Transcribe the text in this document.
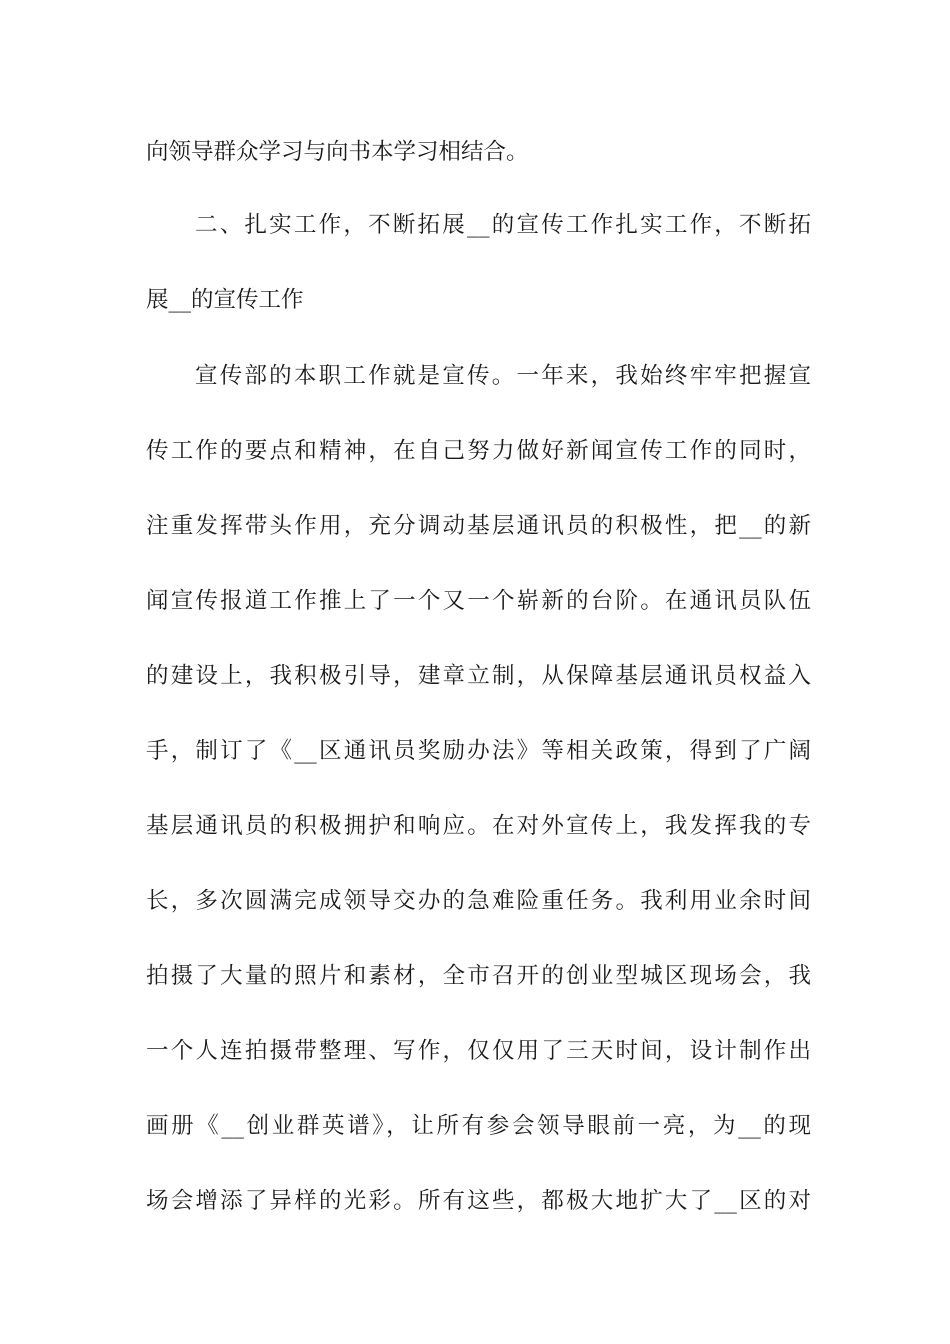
向领导群众学习与向书本学习相结合。
二、扎实工作，不断拓展__的宣传工作扎实工作，不断拓
展__的宣传工作
宣传部的本职工作就是宣传。一年来，我始终牢牢把握宣
传工作的要点和精神，在自己努力做好新闻宣传工作的同时，
注重发挥带头作用，充分调动基层通讯员的积极性，把__的新
闻宣传报道工作推上了一个又一个崭新的台阶。在通讯员队伍
的建设上，我积极引导，建章立制，从保障基层通讯员权益入
手，制订了《__区通讯员奖励办法》等相关政策，得到了广阔
基层通讯员的积极拥护和响应。在对外宣传上，我发挥我的专
长，多次圆满完成领导交办的急难险重任务。我利用业余时间
拍摄了大量的照片和素材，全市召开的创业型城区现场会，我
一个人连拍摄带整理、写作，仅仅用了三天时间，设计制作出
画册《__创业群英谱》，让所有参会领导眼前一亮，为__的现
场会增添了异样的光彩。所有这些，都极大地扩大了__区的对
